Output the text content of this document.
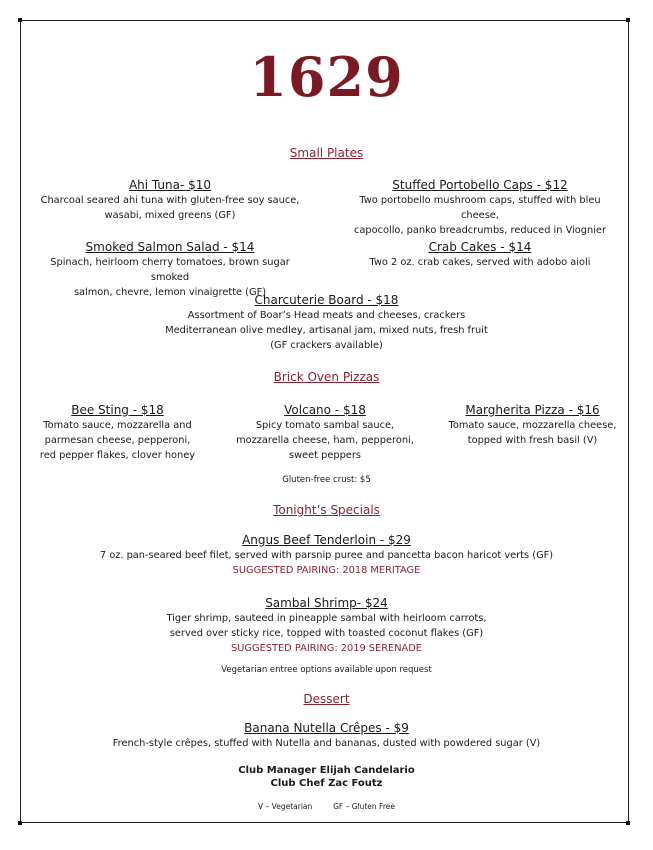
1629
Small Plates
Ahi Tuna- $10
Charcoal seared ahi tuna with gluten-free soy sauce,
wasabi, mixed greens (GF)
Stuffed Portobello Caps - $12
Two portobello mushroom caps, stuffed with bleu cheese,
capocollo, panko breadcrumbs, reduced in Viognier
Smoked Salmon Salad - $14
Spinach, heirloom cherry tomatoes, brown sugar smoked
salmon, chevre, lemon vinaigrette (GF)
Crab Cakes - $14
Two 2 oz. crab cakes, served with adobo aioli
Charcuterie Board - $18
Assortment of Boar’s Head meats and cheeses, crackers
Mediterranean olive medley, artisanal jam, mixed nuts, fresh fruit
(GF crackers available)
Brick Oven Pizzas
Bee Sting - $18
Tomato sauce, mozzarella and
parmesan cheese, pepperoni,
red pepper flakes, clover honey
Volcano - $18
Spicy tomato sambal sauce,
mozzarella cheese, ham, pepperoni,
sweet peppers
Margherita Pizza - $16
Tomato sauce, mozzarella cheese,
topped with fresh basil (V)
Gluten-free crust: $5
Tonight’s Specials
Angus Beef Tenderloin - $29
7 oz. pan-seared beef filet, served with parsnip puree and pancetta bacon haricot verts (GF)
SUGGESTED PAIRING: 2018 MERITAGE
Sambal Shrimp- $24
Tiger shrimp, sauteed in pineapple sambal with heirloom carrots,
served over sticky rice, topped with toasted coconut flakes (GF)
SUGGESTED PAIRING: 2019 SERENADE
Vegetarian entree options available upon request
Dessert
Banana Nutella Crêpes - $9
French-style crêpes, stuffed with Nutella and bananas, dusted with powdered sugar (V)
Club Manager Elijah Candelario
Club Chef Zac Foutz
V – Vegetarian	GF – Gluten Free
